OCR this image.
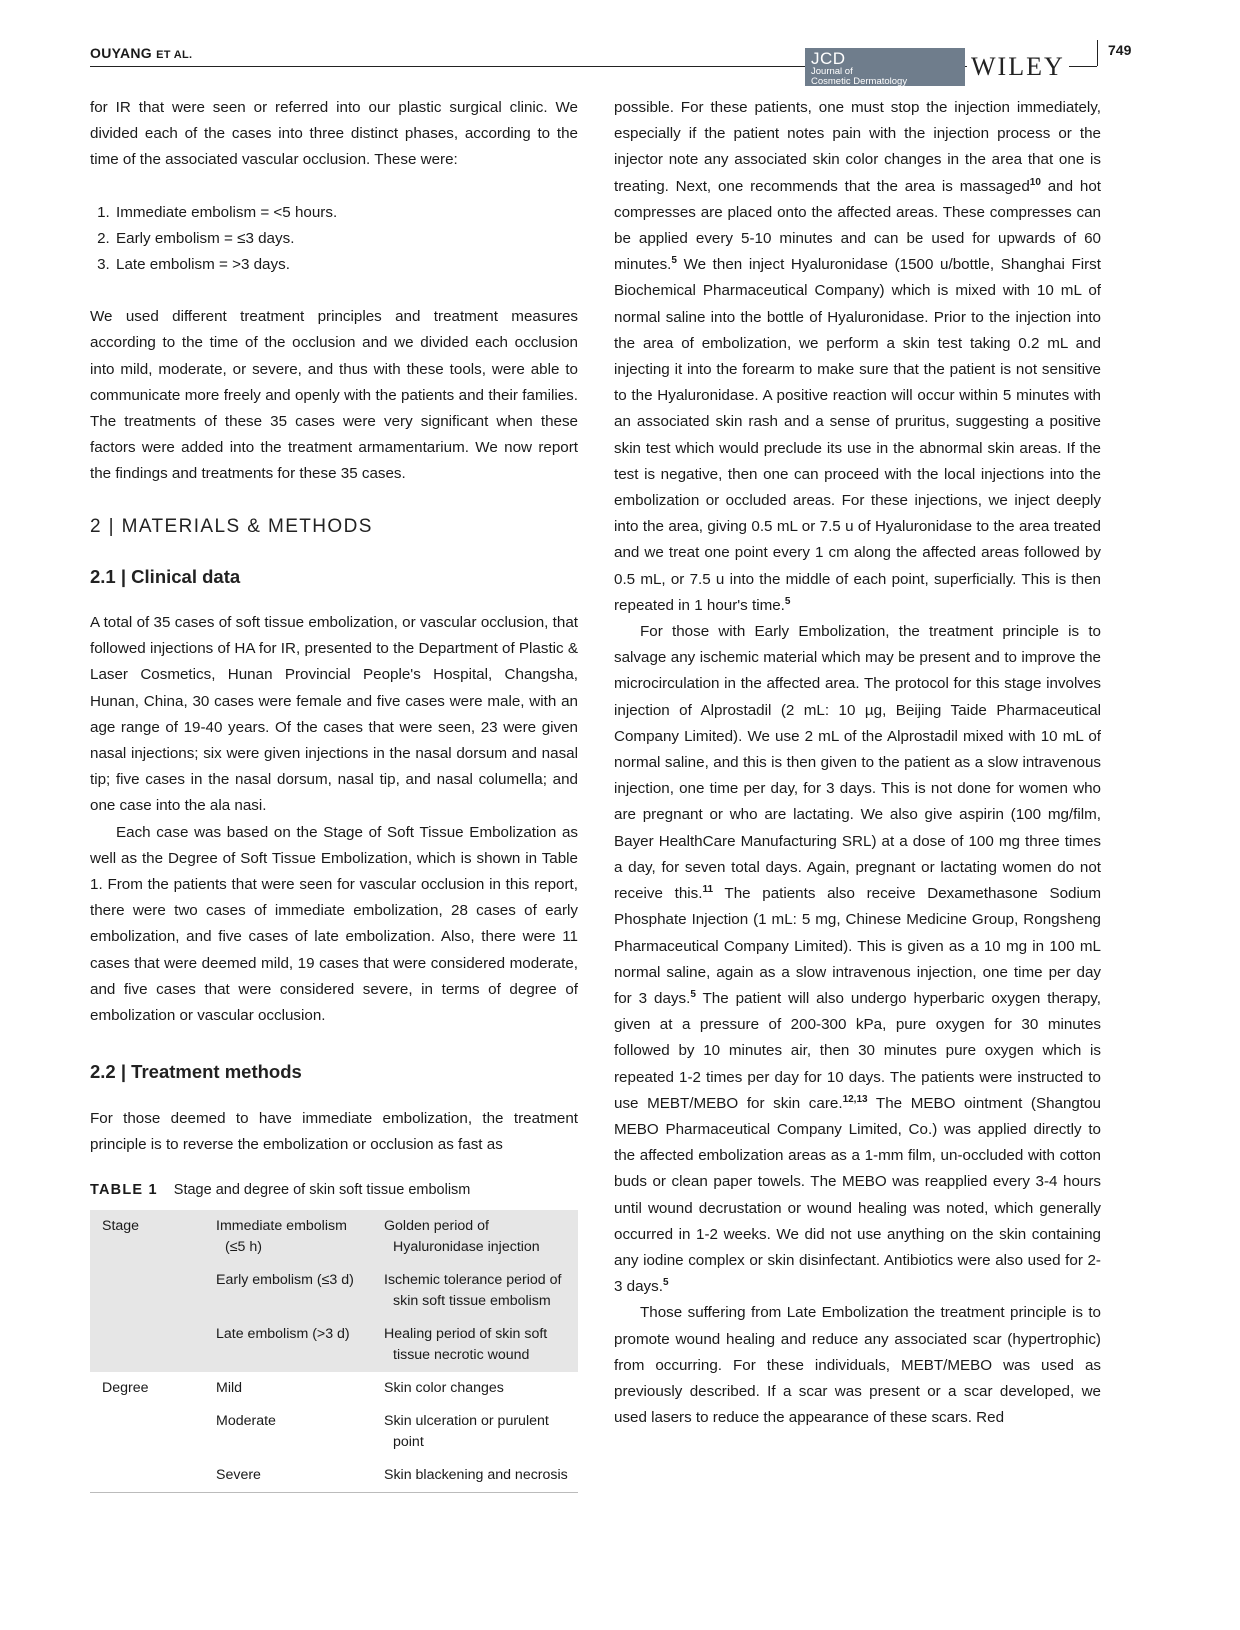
OUYANG ET AL.	JCD
Journal of
Cosmetic Dermatology
WILEY
749

for IR that were seen or referred into our plastic surgical clinic. We divided each of the cases into three distinct phases, according to the time of the associated vascular occlusion. These were:

1. Immediate embolism = <5 hours.
2. Early embolism = ≤3 days.
3. Late embolism = >3 days.

We used different treatment principles and treatment measures according to the time of the occlusion and we divided each occlusion into mild, moderate, or severe, and thus with these tools, were able to communicate more freely and openly with the patients and their families. The treatments of these 35 cases were very significant when these factors were added into the treatment armamentarium. We now report the findings and treatments for these 35 cases.

2 | MATERIALS & METHODS
2.1 | Clinical data

A total of 35 cases of soft tissue embolization, or vascular occlusion, that followed injections of HA for IR, presented to the Department of Plastic & Laser Cosmetics, Hunan Provincial People's Hospital, Changsha, Hunan, China, 30 cases were female and five cases were male, with an age range of 19-40 years. Of the cases that were seen, 23 were given nasal injections; six were given injections in the nasal dorsum and nasal tip; five cases in the nasal dorsum, nasal tip, and nasal columella; and one case into the ala nasi.

Each case was based on the Stage of Soft Tissue Embolization as well as the Degree of Soft Tissue Embolization, which is shown in Table 1. From the patients that were seen for vascular occlusion in this report, there were two cases of immediate embolization, 28 cases of early embolization, and five cases of late embolization. Also, there were 11 cases that were deemed mild, 19 cases that were considered moderate, and five cases that were considered severe, in terms of degree of embolization or vascular occlusion.

2.2 | Treatment methods

For those deemed to have immediate embolization, the treatment principle is to reverse the embolization or occlusion as fast as

TABLE 1 Stage and degree of skin soft tissue embolism
Stage	Immediate embolism (≤5 h)	Golden period of Hyaluronidase injection

	Early embolism (≤3 d)	Ischemic tolerance period of skin soft tissue embolism

	Late embolism (>3 d)	Healing period of skin soft tissue necrotic wound

Degree	Mild	Skin color changes

	Moderate	Skin ulceration or purulent point

	Severe	Skin blackening and necrosis

possible. For these patients, one must stop the injection immediately, especially if the patient notes pain with the injection process or the injector note any associated skin color changes in the area that one is treating. Next, one recommends that the area is massaged$^{10}$ and hot compresses are placed onto the affected areas. These compresses can be applied every 5-10 minutes and can be used for upwards of 60 minutes.$^5$ We then inject Hyaluronidase (1500 u/bottle, Shanghai First Biochemical Pharmaceutical Company) which is mixed with 10 mL of normal saline into the bottle of Hyaluronidase. Prior to the injection into the area of embolization, we perform a skin test taking 0.2 mL and injecting it into the forearm to make sure that the patient is not sensitive to the Hyaluronidase. A positive reaction will occur within 5 minutes with an associated skin rash and a sense of pruritus, suggesting a positive skin test which would preclude its use in the abnormal skin areas. If the test is negative, then one can proceed with the local injections into the embolization or occluded areas. For these injections, we inject deeply into the area, giving 0.5 mL or 7.5 u of Hyaluronidase to the area treated and we treat one point every 1 cm along the affected areas followed by 0.5 mL, or 7.5 u into the middle of each point, superficially. This is then repeated in 1 hour's time.$^5$

For those with Early Embolization, the treatment principle is to salvage any ischemic material which may be present and to improve the microcirculation in the affected area. The protocol for this stage involves injection of Alprostadil (2 mL: 10 µg, Beijing Taide Pharmaceutical Company Limited). We use 2 mL of the Alprostadil mixed with 10 mL of normal saline, and this is then given to the patient as a slow intravenous injection, one time per day, for 3 days. This is not done for women who are pregnant or who are lactating. We also give aspirin (100 mg/film, Bayer HealthCare Manufacturing SRL) at a dose of 100 mg three times a day, for seven total days. Again, pregnant or lactating women do not receive this.$^{11}$ The patients also receive Dexamethasone Sodium Phosphate Injection (1 mL: 5 mg, Chinese Medicine Group, Rongsheng Pharmaceutical Company Limited). This is given as a 10 mg in 100 mL normal saline, again as a slow intravenous injection, one time per day for 3 days.$^5$ The patient will also undergo hyperbaric oxygen therapy, given at a pressure of 200-300 kPa, pure oxygen for 30 minutes followed by 10 minutes air, then 30 minutes pure oxygen which is repeated 1-2 times per day for 10 days. The patients were instructed to use MEBT/MEBO for skin care.$^{12,13}$ The MEBO ointment (Shangtou MEBO Pharmaceutical Company Limited, Co.) was applied directly to the affected embolization areas as a 1-mm film, un-occluded with cotton buds or clean paper towels. The MEBO was reapplied every 3-4 hours until wound decrustation or wound healing was noted, which generally occurred in 1-2 weeks. We did not use anything on the skin containing any iodine complex or skin disinfectant. Antibiotics were also used for 2-3 days.$^5$

Those suffering from Late Embolization the treatment principle is to promote wound healing and reduce any associated scar (hypertrophic) from occurring. For these individuals, MEBT/MEBO was used as previously described. If a scar was present or a scar developed, we used lasers to reduce the appearance of these scars. Red
